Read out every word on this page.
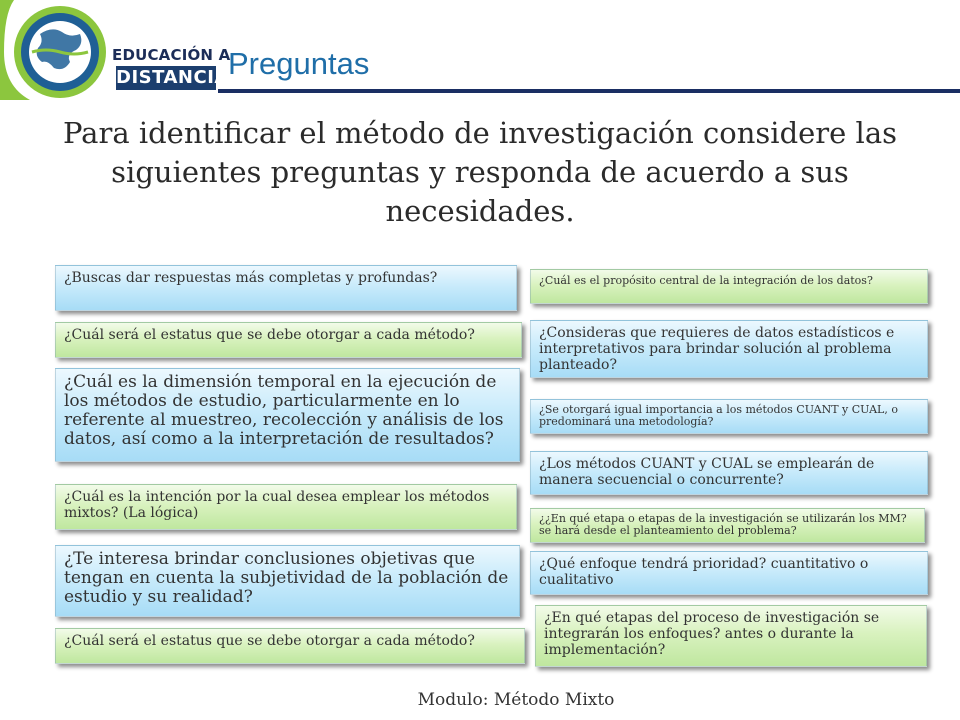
EDUCACIÓN A
DISTANCIA Preguntas
Para identificar el método de investigación considere las siguientes preguntas y responda de acuerdo a sus necesidades.
¿Buscas dar respuestas más completas y profundas?
¿Cuál será el estatus que se debe otorgar a cada método?
¿Cuál es la dimensión temporal en la ejecución de los métodos de estudio, particularmente en lo referente al muestreo, recolección y análisis de los datos, así como a la interpretación de resultados?
¿Cuál es la intención por la cual desea emplear los métodos mixtos? (La lógica)
¿Te interesa brindar conclusiones objetivas que tengan en cuenta la subjetividad de la población de estudio y su realidad?
¿Cuál será el estatus que se debe otorgar a cada método?
¿Cuál es el propósito central de la integración de los datos?
¿Consideras que requieres de datos estadísticos e interpretativos para brindar solución al problema planteado?
¿Se otorgará igual importancia a los métodos CUANT y CUAL, o predominará una metodología?
¿Los métodos CUANT y CUAL se emplearán de manera secuencial o concurrente?
¿¿En qué etapa o etapas de la investigación se utilizarán los MM? se hará desde el planteamiento del problema?
¿Qué enfoque tendrá prioridad? cuantitativo o cualitativo
¿En qué etapas del proceso de investigación se integrarán los enfoques? antes o durante la implementación?
Modulo: Método Mixto
